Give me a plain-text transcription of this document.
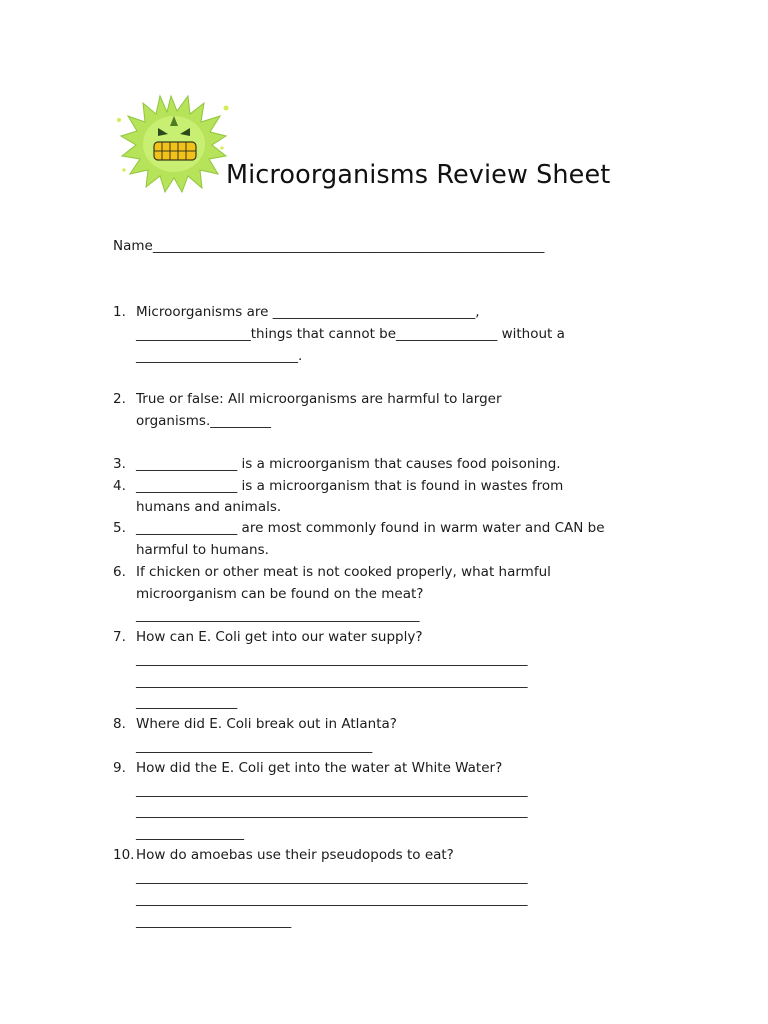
Microorganisms Review Sheet
Name__________________________________________________________
1. Microorganisms are ______________________________,
_________________things that cannot be_______________ without a
________________________.
2. True or false: All microorganisms are harmful to larger
organisms._________
3. _______________ is a microorganism that causes food poisoning.
4. _______________ is a microorganism that is found in wastes from
humans and animals.
5. _______________ are most commonly found in warm water and CAN be
harmful to humans.
6. If chicken or other meat is not cooked properly, what harmful
microorganism can be found on the meat?
__________________________________________
7. How can E. Coli get into our water supply?
__________________________________________________________
__________________________________________________________
_______________
8. Where did E. Coli break out in Atlanta?
___________________________________
9. How did the E. Coli get into the water at White Water?
__________________________________________________________
__________________________________________________________
________________
10. How do amoebas use their pseudopods to eat?
__________________________________________________________
__________________________________________________________
_______________________
